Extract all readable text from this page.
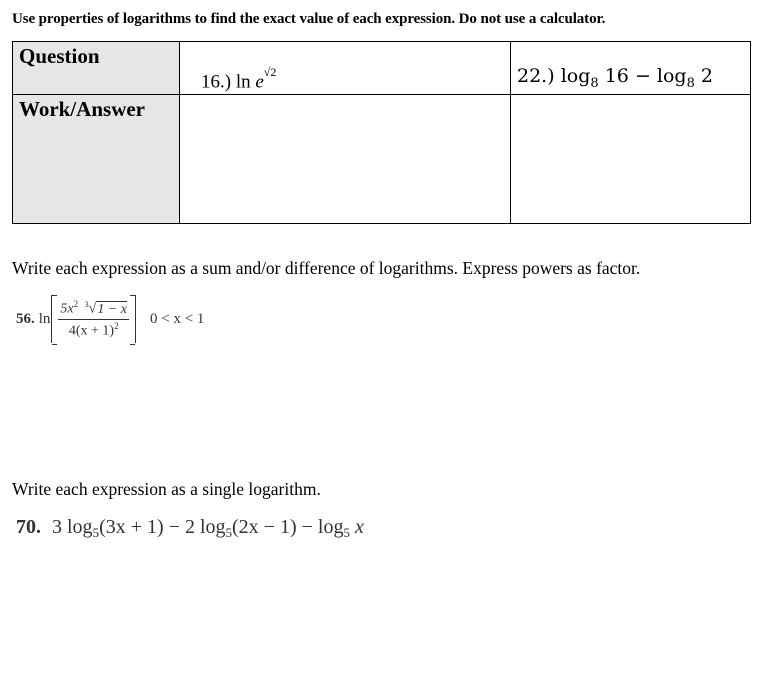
Use properties of logarithms to find the exact value of each expression. Do not use a calculator.
Question	16.) $\ln e^{√2}$	22.) $\log_8 16 - \log_8 2$

Work/Answer		
Write each expression as a sum and/or difference of logarithms. Express powers as factor.
56. $\ln \frac{5x^2 ^3√1 - x}{4(x + 1)^2} 0 < x < 1$
Write each expression as a single logarithm.
70. 3 $\log_5(3x + 1) - 2$ $\log_5(2x - 1) - \log_5 x$
